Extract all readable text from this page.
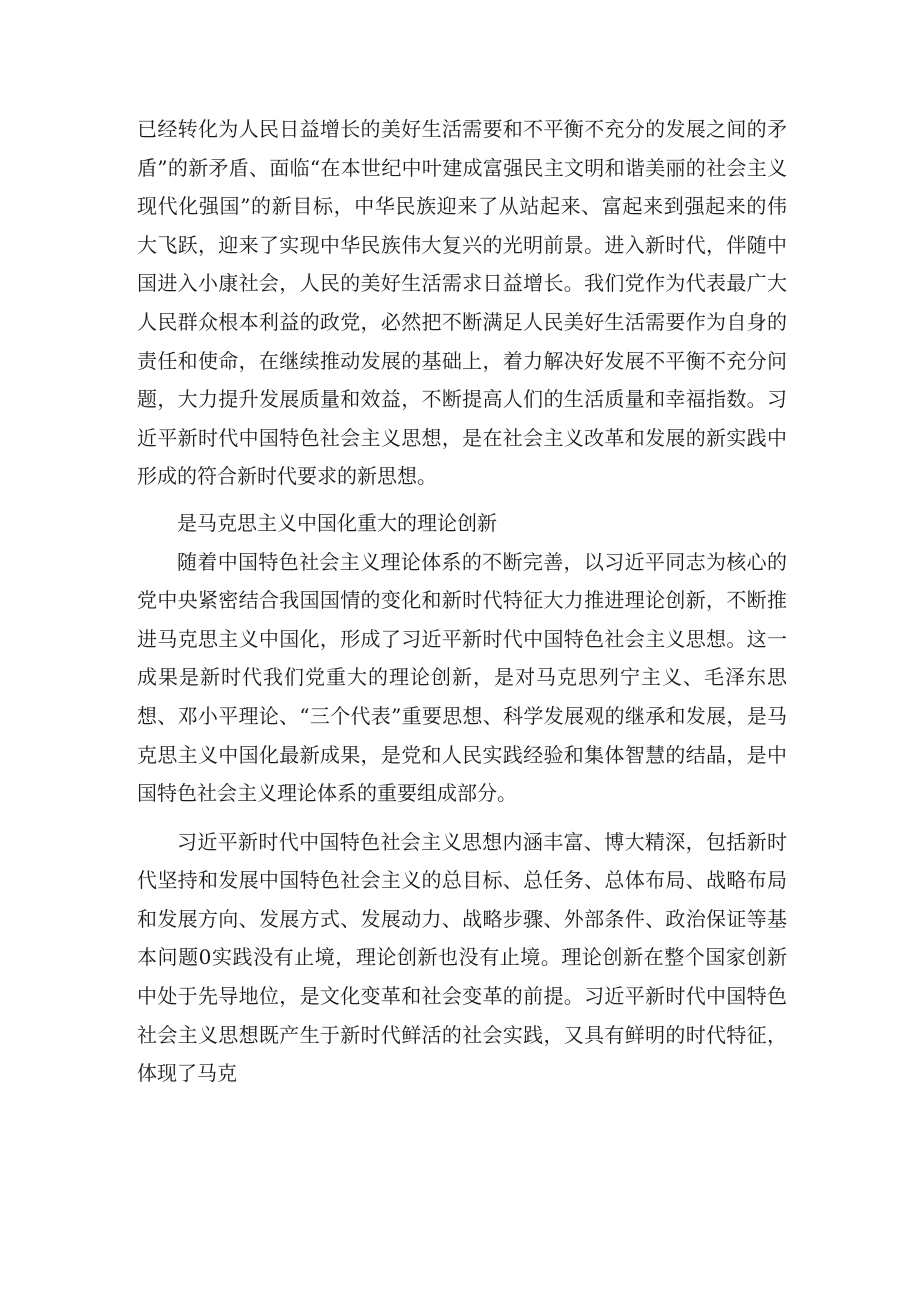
已经转化为人民日益增长的美好生活需要和不平衡不充分的发展之间的矛盾”的新矛盾、面临“在本世纪中叶建成富强民主文明和谐美丽的社会主义现代化强国”的新目标，中华民族迎来了从站起来、富起来到强起来的伟大飞跃，迎来了实现中华民族伟大复兴的光明前景。进入新时代，伴随中国进入小康社会，人民的美好生活需求日益增长。我们党作为代表最广大人民群众根本利益的政党，必然把不断满足人民美好生活需要作为自身的责任和使命，在继续推动发展的基础上，着力解决好发展不平衡不充分问题，大力提升发展质量和效益，不断提高人们的生活质量和幸福指数。习近平新时代中国特色社会主义思想，是在社会主义改革和发展的新实践中形成的符合新时代要求的新思想。

是马克思主义中国化重大的理论创新

随着中国特色社会主义理论体系的不断完善，以习近平同志为核心的党中央紧密结合我国国情的变化和新时代特征大力推进理论创新，不断推进马克思主义中国化，形成了习近平新时代中国特色社会主义思想。这一成果是新时代我们党重大的理论创新，是对马克思列宁主义、毛泽东思想、邓小平理论、“三个代表”重要思想、科学发展观的继承和发展，是马克思主义中国化最新成果，是党和人民实践经验和集体智慧的结晶，是中国特色社会主义理论体系的重要组成部分。

习近平新时代中国特色社会主义思想内涵丰富、博大精深，包括新时代坚持和发展中国特色社会主义的总目标、总任务、总体布局、战略布局和发展方向、发展方式、发展动力、战略步骤、外部条件、政治保证等基本问题0实践没有止境，理论创新也没有止境。理论创新在整个国家创新中处于先导地位，是文化变革和社会变革的前提。习近平新时代中国特色社会主义思想既产生于新时代鲜活的社会实践，又具有鲜明的时代特征，体现了马克
